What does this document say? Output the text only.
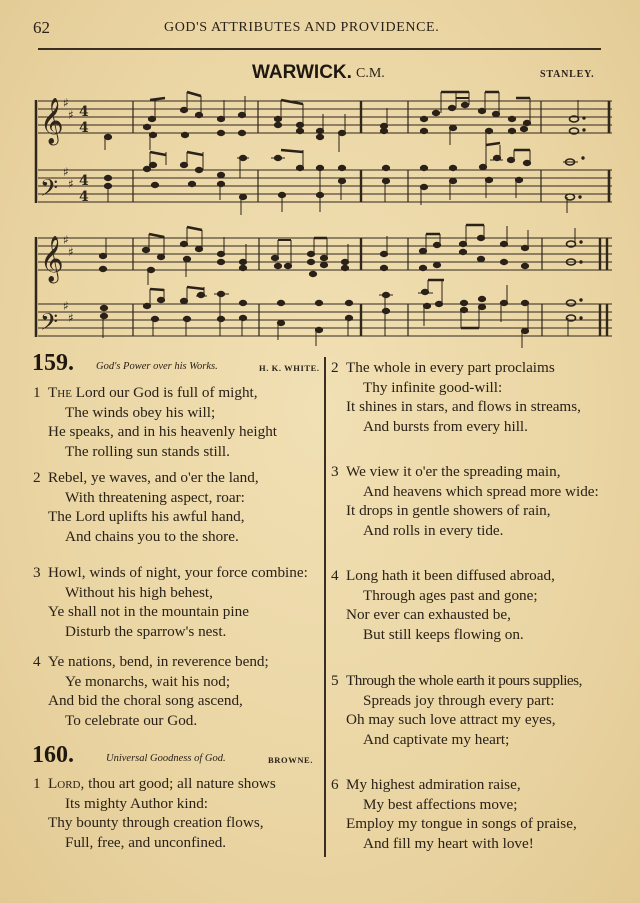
62	GOD'S ATTRIBUTES AND PROVIDENCE.
WARWICK. C.M.	STANLEY.
𝄞
𝄢
𝄞
𝄢
♯
♯
♯
♯
♯
♯
♯
♯
4
4
4
4
159. God's Power over his Works.	H. K. WHITE.
1 The Lord our God is full of might,
The winds obey his will;
He speaks, and in his heavenly height
The rolling sun stands still.
2 Rebel, ye waves, and o'er the land,
With threatening aspect, roar:
The Lord uplifts his awful hand,
And chains you to the shore.
3 Howl, winds of night, your force combine:
Without his high behest,
Ye shall not in the mountain pine
Disturb the sparrow's nest.
4 Ye nations, bend, in reverence bend;
Ye monarchs, wait his nod;
And bid the choral song ascend,
To celebrate our God.
160.	Universal Goodness of God.	BROWNE.
1 Lord, thou art good; all nature shows
Its mighty Author kind:
Thy bounty through creation flows,
Full, free, and unconfined.
2 The whole in every part proclaims
Thy infinite good-will:
It shines in stars, and flows in streams,
And bursts from every hill.
3 We view it o'er the spreading main,
And heavens which spread more wide:
It drops in gentle showers of rain,
And rolls in every tide.
4 Long hath it been diffused abroad,
Through ages past and gone;
Nor ever can exhausted be,
But still keeps flowing on.
5 Through the whole earth it pours supplies,
Spreads joy through every part:
Oh may such love attract my eyes,
And captivate my heart;
6 My highest admiration raise,
My best affections move;
Employ my tongue in songs of praise,
And fill my heart with love!
